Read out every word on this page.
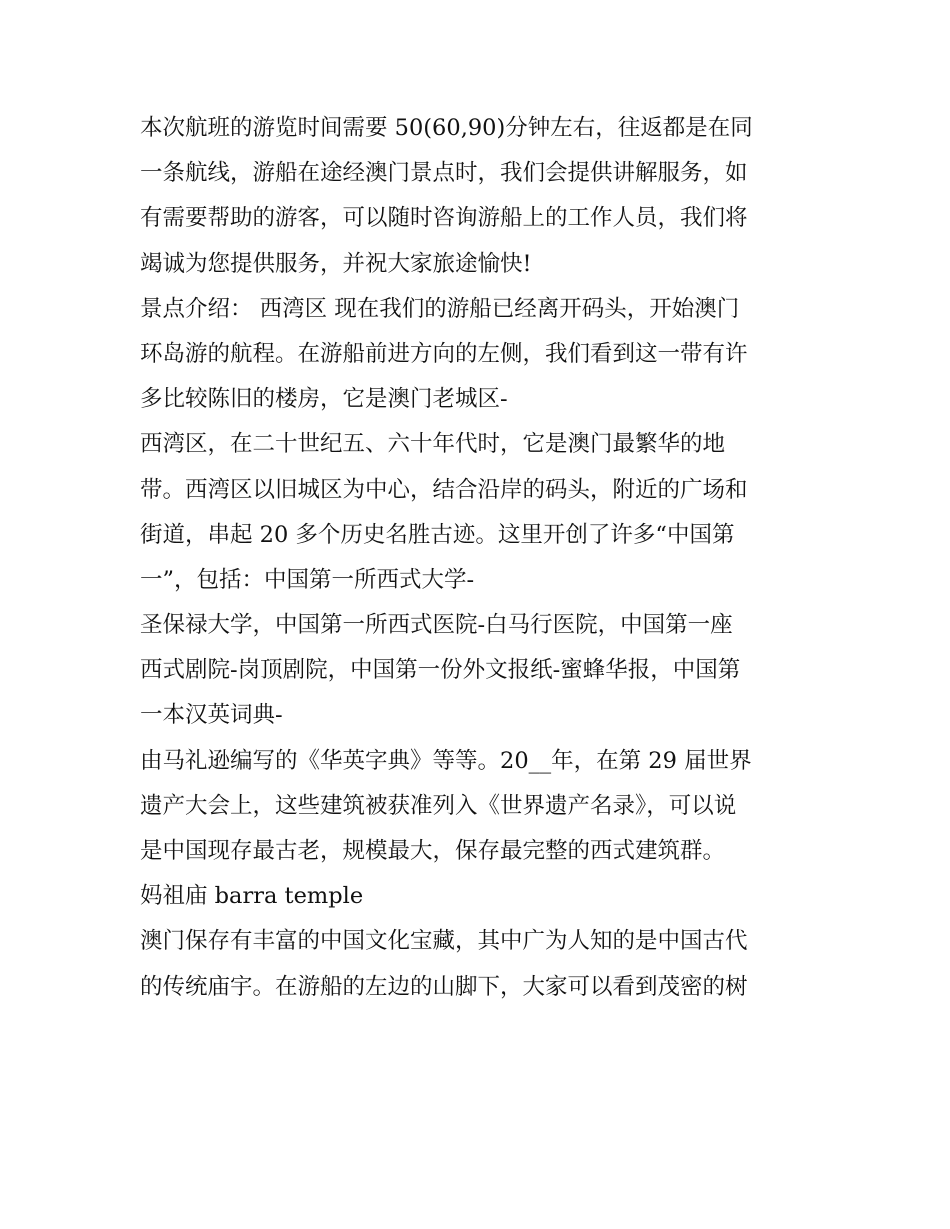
本次航班的游览时间需要 50(60,90)分钟左右，往返都是在同
一条航线，游船在途经澳门景点时，我们会提供讲解服务，如
有需要帮助的游客，可以随时咨询游船上的工作人员，我们将
竭诚为您提供服务，并祝大家旅途愉快!
景点介绍： 西湾区 现在我们的游船已经离开码头，开始澳门
环岛游的航程。在游船前进方向的左侧，我们看到这一带有许
多比较陈旧的楼房，它是澳门老城区-
西湾区，在二十世纪五、六十年代时，它是澳门最繁华的地
带。西湾区以旧城区为中心，结合沿岸的码头，附近的广场和
街道，串起 20 多个历史名胜古迹。这里开创了许多“中国第
一”，包括：中国第一所西式大学-
圣保禄大学，中国第一所西式医院-白马行医院，中国第一座
西式剧院-岗顶剧院，中国第一份外文报纸-蜜蜂华报，中国第
一本汉英词典-
由马礼逊编写的《华英字典》等等。20__年，在第 29 届世界
遗产大会上，这些建筑被获准列入《世界遗产名录》，可以说
是中国现存最古老，规模最大，保存最完整的西式建筑群。
妈祖庙 barra temple
澳门保存有丰富的中国文化宝藏，其中广为人知的是中国古代
的传统庙宇。在游船的左边的山脚下，大家可以看到茂密的树
